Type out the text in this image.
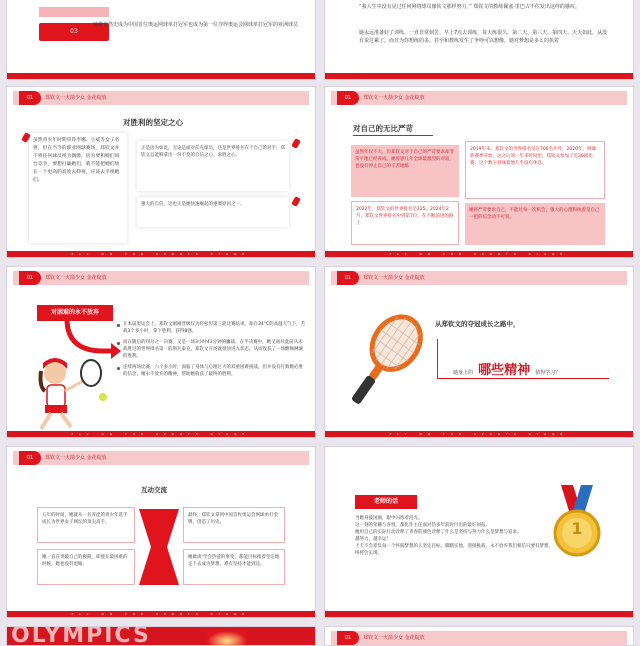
03
她将自然史成为中国首位奥运网球单打冠军也成为第一位夺得奥运会网球单打冠军的亚洲球员
“我人生中没有见过任何网络球员像钦文那样努力。” 郑钦文的教练佩塞·里巴古不住发出这样的感叹。
她永远准备好了训练，一直非常刻苦。早上7点去训练，每天练很久，第二天、第三天、第四天、天天如此，从没有说过累了，而且为你想练的多，甚至和教练发生了争吵可以想像，她对梦想是多么的执着
01	郑钦文一火箭少女 金花绽放
对胜利的坚定之心
虽然青少年时期崇拜李娜、小威等女子名将，但在当今的职业网球赛场，郑钦文并不将任何球员视为偶像，因为要和她们同台竞争，要想打赢她们，就不能把她们放在一个更高的高度去仰视，应该去平视她们。
正是因为如此，无论是面对莎克球员，还是世界排名在于自己的对手，郑钦文总能够拿出一份不变的自信之心、求胜之心。
强大的自信，这也正是她快速崛起的重要原因之一。
FLY ON THE SPORTS STAGE
01	郑钦文一火箭少女 金花绽放
对自己的无比严苛
虽然年仅不大，但郑钦文对于自己的严苛要求却非常平地已经养成。她曾感几年全球最激烈的对较，也没有停止自己的辛苦地练
2019年末，郑钦文的世界排名仅在700名开外，2020年，网球新赛季开始，这之后的一年来时间里，郑钦文参加了近30项比赛。这个数字意味着他几乎没有休息。
2022年，郑钦文的世界排名是125。2024年2月，郑钦文世界排名中到第7位。在不断前进的路上
她将严苛要求自己，不能过每一次机会，强大的心理和执着是自己一把的信念动不可贸。
FLY ON THE SPORTS STAGE
01	郑钦文一火箭少女 金花绽放
对困难的永不放弃
在本届奥运会上，郑钦文刚刚晋级仅为轻松但第三轮比赛结束，却在34°C的高温天气下，苦战3个多小时，拿下胜利，获得8强。
而在随后的四分之一决赛，又是一场3小时43分钟的鏖战。在半决赛中，她又面对此前从未战胜过的世界排名第一的斯瓦泰克，郑钦文开场就很快进入状态，从而收获了一场酣畅淋漓的胜利。
连续两场比赛，六个多小时，面临了身体与心理巨大的双重困难挑战，但并没有打败她必胜的信念，她永不放弃的精神，帮助她收获了最终的胜利。
FLY ON THE SPORTS STAGE
01	郑钦文一火箭少女 金花绽放
从郑钦文的夺冠成长之路中，
她身上的 哪些精神 值得学习？
FLY ON THE SPORTS STAGE
01	郑钦文一火箭少女 金花绽放
互动交流
五年的时间，她就从一名青涩的青少年选手成长为世界女子网坛的顶尖高手。
她一直在突破自己的极限，即使在最困难的时候，她也没有退缩。
最终，郑钦文拿到中国首枚奥运会网球单打金牌，创造了历史。
她做谈‘学会热爱的事变，都能目标推着坚定地走下去成为梦想，难有坚持才能到达。
FLY ON THE SPORTS STAGE
老师的话
当她身披国旗，眼中闪烁着泪光。
这一刻的荣耀与喜悦，都化作主任面对热多年前时付出的最好回报。
她用自己的实际行动诠释了青春的颜色诠释了什么是坚持与努力什么是梦想与追求。
越努力，越幸运！
上天不会辜负每一个怀揣梦想的人坚定目标，脚踏实地，迎接挑战，永不放弃我们相信只要有梦想，终将会实现。
1
OLYMPICS	01	郑钦文一火箭少女 金花绽放
